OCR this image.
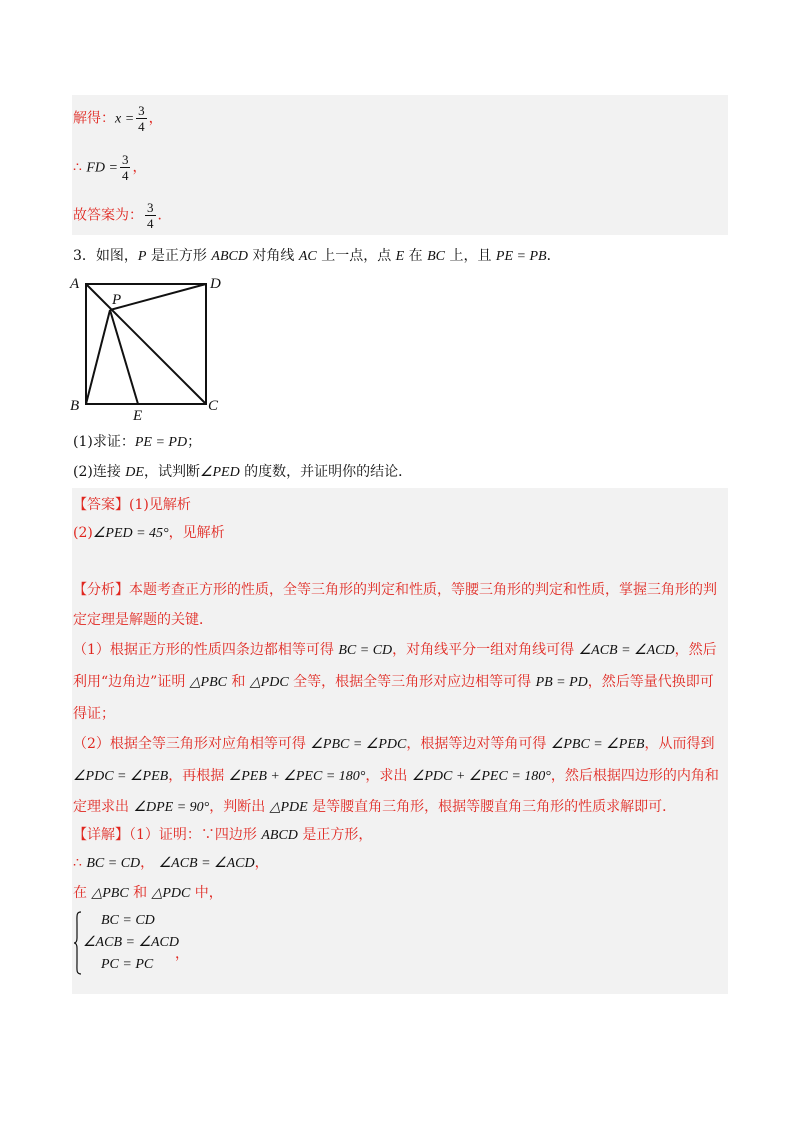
解得：$x = \frac{3}{4}$ ，
∴ FD = $\frac{3}{4}$ ，
故答案为： $\frac{3}{4}$ ．
3．如图，P 是正方形 ABCD 对角线 AC 上一点，点 E 在 BC 上，且 PE = PB．
A	D
P
B
E
C
(1)求证：PE = PD；
(2)连接 DE，试判断∠PED 的度数，并证明你的结论．
【答案】(1)见解析
(2)∠PED = 45°，见解析
【分析】本题考查正方形的性质，全等三角形的判定和性质，等腰三角形的判定和性质，掌握三角形的判
定定理是解题的关键．
（1）根据正方形的性质四条边都相等可得 BC = CD，对角线平分一组对角线可得 ∠ACB = ∠ACD，然后
利用“边角边”证明 △PBC 和 △PDC 全等，根据全等三角形对应边相等可得 PB = PD，然后等量代换即可
得证；
（2）根据全等三角形对应角相等可得 ∠PBC = ∠PDC，根据等边对等角可得 ∠PBC = ∠PEB，从而得到
∠PDC = ∠PEB，再根据 ∠PEB + ∠PEC = 180°，求出 ∠PDC + ∠PEC = 180°，然后根据四边形的内角和
定理求出 ∠DPE = 90°，判断出 △PDE 是等腰直角三角形，根据等腰直角三角形的性质求解即可．
【详解】（1）证明：∵四边形 ABCD 是正方形，
∴ BC = CD， ∠ACB = ∠ACD，
在 △PBC 和 △PDC 中，
BC = CD
∠ACB = ∠ACD
PC = PC
，
